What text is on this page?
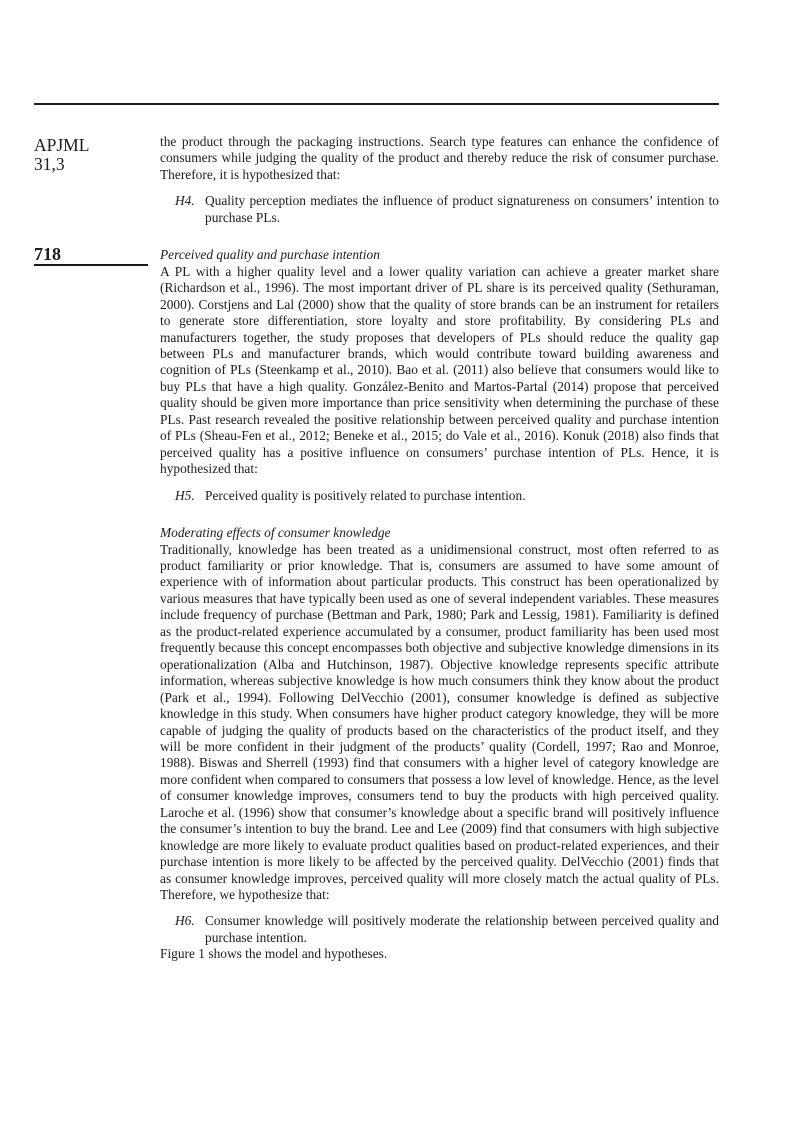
APJML
31,3
718

the product through the packaging instructions. Search type features can enhance the confidence of consumers while judging the quality of the product and thereby reduce the risk of consumer purchase. Therefore, it is hypothesized that:

H4. Quality perception mediates the influence of product signatureness on consumers’ intention to purchase PLs.
Perceived quality and purchase intention

A PL with a higher quality level and a lower quality variation can achieve a greater market share (Richardson et al., 1996). The most important driver of PL share is its perceived quality (Sethuraman, 2000). Corstjens and Lal (2000) show that the quality of store brands can be an instrument for retailers to generate store differentiation, store loyalty and store profitability. By considering PLs and manufacturers together, the study proposes that developers of PLs should reduce the quality gap between PLs and manufacturer brands, which would contribute toward building awareness and cognition of PLs (Steenkamp et al., 2010). Bao et al. (2011) also believe that consumers would like to buy PLs that have a high quality. González-Benito and Martos-Partal (2014) propose that perceived quality should be given more importance than price sensitivity when determining the purchase of these PLs. Past research revealed the positive relationship between perceived quality and purchase intention of PLs (Sheau-Fen et al., 2012; Beneke et al., 2015; do Vale et al., 2016). Konuk (2018) also finds that perceived quality has a positive influence on consumers’ purchase intention of PLs. Hence, it is hypothesized that:

H5. Perceived quality is positively related to purchase intention.
Moderating effects of consumer knowledge

Traditionally, knowledge has been treated as a unidimensional construct, most often referred to as product familiarity or prior knowledge. That is, consumers are assumed to have some amount of experience with of information about particular products. This construct has been operationalized by various measures that have typically been used as one of several independent variables. These measures include frequency of purchase (Bettman and Park, 1980; Park and Lessig, 1981). Familiarity is defined as the product-related experience accumulated by a consumer, product familiarity has been used most frequently because this concept encompasses both objective and subjective knowledge dimensions in its operationalization (Alba and Hutchinson, 1987). Objective knowledge represents specific attribute information, whereas subjective knowledge is how much consumers think they know about the product (Park et al., 1994). Following DelVecchio (2001), consumer knowledge is defined as subjective knowledge in this study. When consumers have higher product category knowledge, they will be more capable of judging the quality of products based on the characteristics of the product itself, and they will be more confident in their judgment of the products’ quality (Cordell, 1997; Rao and Monroe, 1988). Biswas and Sherrell (1993) find that consumers with a higher level of category knowledge are more confident when compared to consumers that possess a low level of knowledge. Hence, as the level of consumer knowledge improves, consumers tend to buy the products with high perceived quality. Laroche et al. (1996) show that consumer’s knowledge about a specific brand will positively influence the consumer’s intention to buy the brand. Lee and Lee (2009) find that consumers with high subjective knowledge are more likely to evaluate product qualities based on product-related experiences, and their purchase intention is more likely to be affected by the perceived quality. DelVecchio (2001) finds that as consumer knowledge improves, perceived quality will more closely match the actual quality of PLs. Therefore, we hypothesize that:

H6. Consumer knowledge will positively moderate the relationship between perceived quality and purchase intention.

Figure 1 shows the model and hypotheses.
